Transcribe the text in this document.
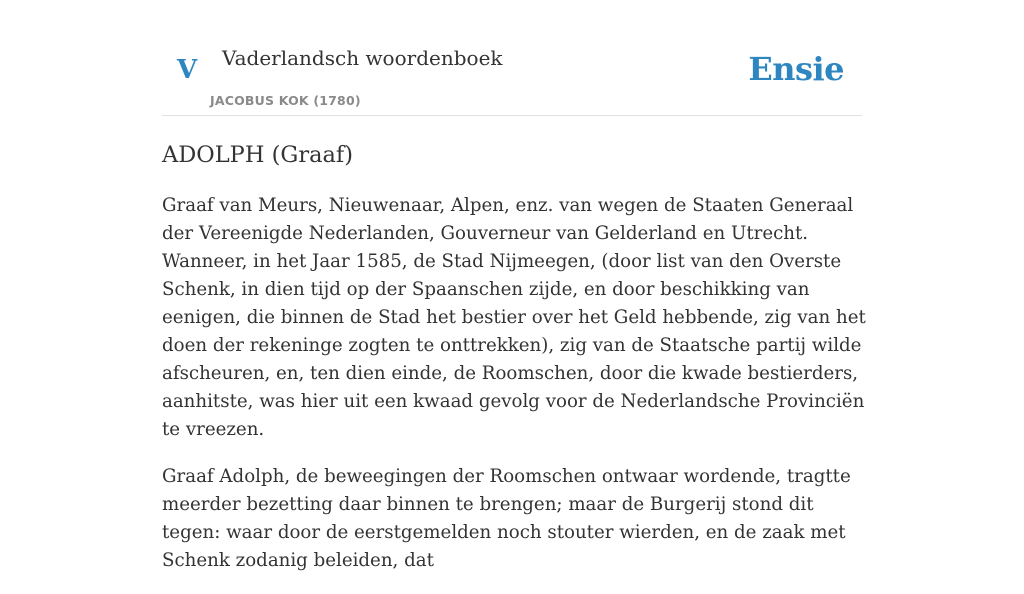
V Vaderlandsch woordenboek
JACOBUS KOK (1780)
Ensie
ADOLPH (Graaf)

Graaf van Meurs, Nieuwenaar, Alpen, enz. van wegen de Staaten Generaal der Vereenigde Nederlanden, Gouverneur van Gelderland en Utrecht. Wanneer, in het Jaar 1585, de Stad Nijmeegen, (door list van den Overste Schenk, in dien tijd op der Spaanschen zijde, en door beschikking van eenigen, die binnen de Stad het bestier over het Geld hebbende, zig van het doen der rekeninge zogten te onttrekken), zig van de Staatsche partij wilde afscheuren, en, ten dien einde, de Roomschen, door die kwade bestierders, aanhitste, was hier uit een kwaad gevolg voor de Nederlandsche Provinciën te vreezen.

Graaf Adolph, de beweegingen der Roomschen ontwaar wordende, tragtte meerder bezetting daar binnen te brengen; maar de Burgerij stond dit tegen: waar door de eerstgemelden noch stouter wierden, en de zaak met Schenk zodanig beleiden, dat
